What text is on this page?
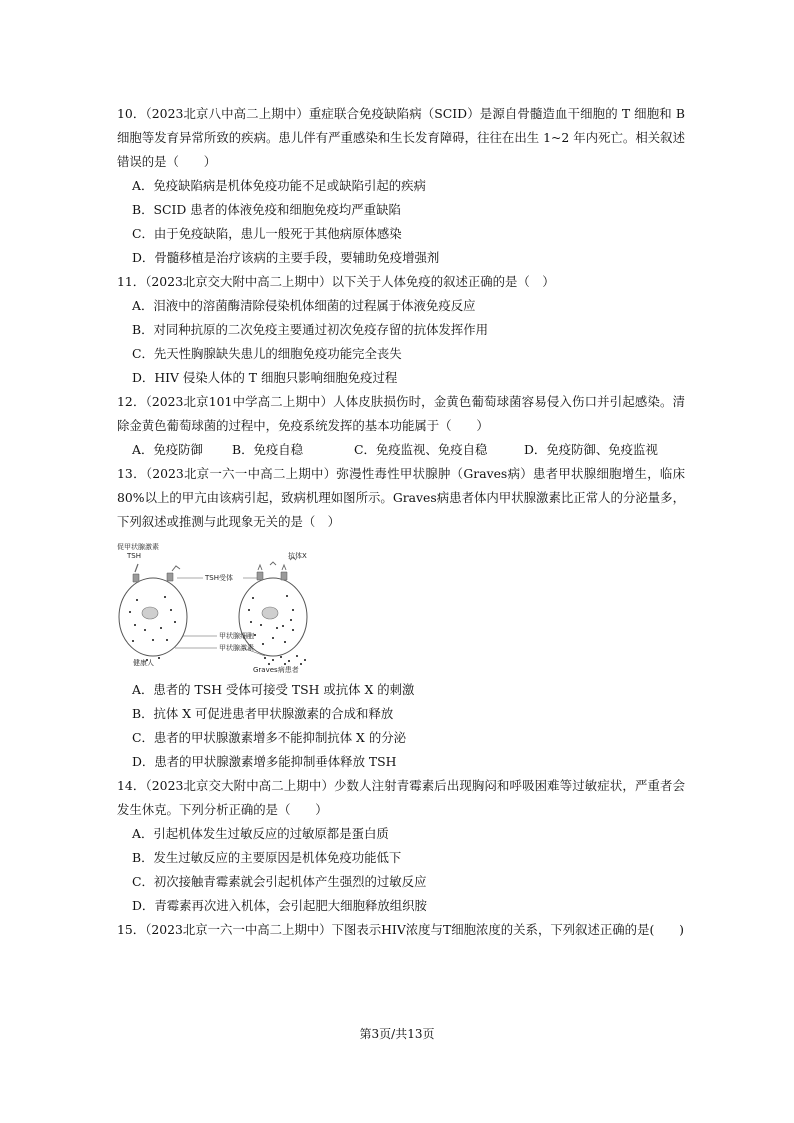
10．（2023北京八中高二上期中）重症联合免疫缺陷病（SCID）是源自骨髓造血干细胞的 T 细胞和 B 细胞等发育异常所致的疾病。患儿伴有严重感染和生长发育障碍，往往在出生 1~2 年内死亡。相关叙述错误的是（　　）
A．免疫缺陷病是机体免疫功能不足或缺陷引起的疾病
B．SCID 患者的体液免疫和细胞免疫均严重缺陷
C．由于免疫缺陷，患儿一般死于其他病原体感染
D．骨髓移植是治疗该病的主要手段，要辅助免疫增强剂
11．（2023北京交大附中高二上期中）以下关于人体免疫的叙述正确的是（　）
A．泪液中的溶菌酶清除侵染机体细菌的过程属于体液免疫反应
B．对同种抗原的二次免疫主要通过初次免疫存留的抗体发挥作用
C．先天性胸腺缺失患儿的细胞免疫功能完全丧失
D．HIV 侵染人体的 T 细胞只影响细胞免疫过程
12．（2023北京101中学高二上期中）人体皮肤损伤时，金黄色葡萄球菌容易侵入伤口并引起感染。清除金黄色葡萄球菌的过程中，免疫系统发挥的基本功能属于（　　）
A．免疫防御 B．免疫自稳	C．免疫监视、免疫自稳	D．免疫防御、免疫监视
13．（2023北京一六一中高二上期中）弥漫性毒性甲状腺肿（Graves病）患者甲状腺细胞增生，临床 80%以上的甲亢由该病引起，致病机理如图所示。Graves病患者体内甲状腺激素比正常人的分泌量多，下列叙述或推测与此现象无关的是（　）
促甲状腺激素
TSH
TSH受体
抗体X
甲状腺细胞
甲状腺激素
健康人
Graves病患者
A．患者的 TSH 受体可接受 TSH 或抗体 X 的刺激
B．抗体 X 可促进患者甲状腺激素的合成和释放
C．患者的甲状腺激素增多不能抑制抗体 X 的分泌
D．患者的甲状腺激素增多能抑制垂体释放 TSH
14．（2023北京交大附中高二上期中）少数人注射青霉素后出现胸闷和呼吸困难等过敏症状，严重者会发生休克。下列分析正确的是（　　）
A．引起机体发生过敏反应的过敏原都是蛋白质
B．发生过敏反应的主要原因是机体免疫功能低下
C．初次接触青霉素就会引起机体产生强烈的过敏反应
D．青霉素再次进入机体，会引起肥大细胞释放组织胺
15．（2023北京一六一中高二上期中）下图表示HIV浓度与T细胞浓度的关系，下列叙述正确的是(　　)
第3页/共13页
